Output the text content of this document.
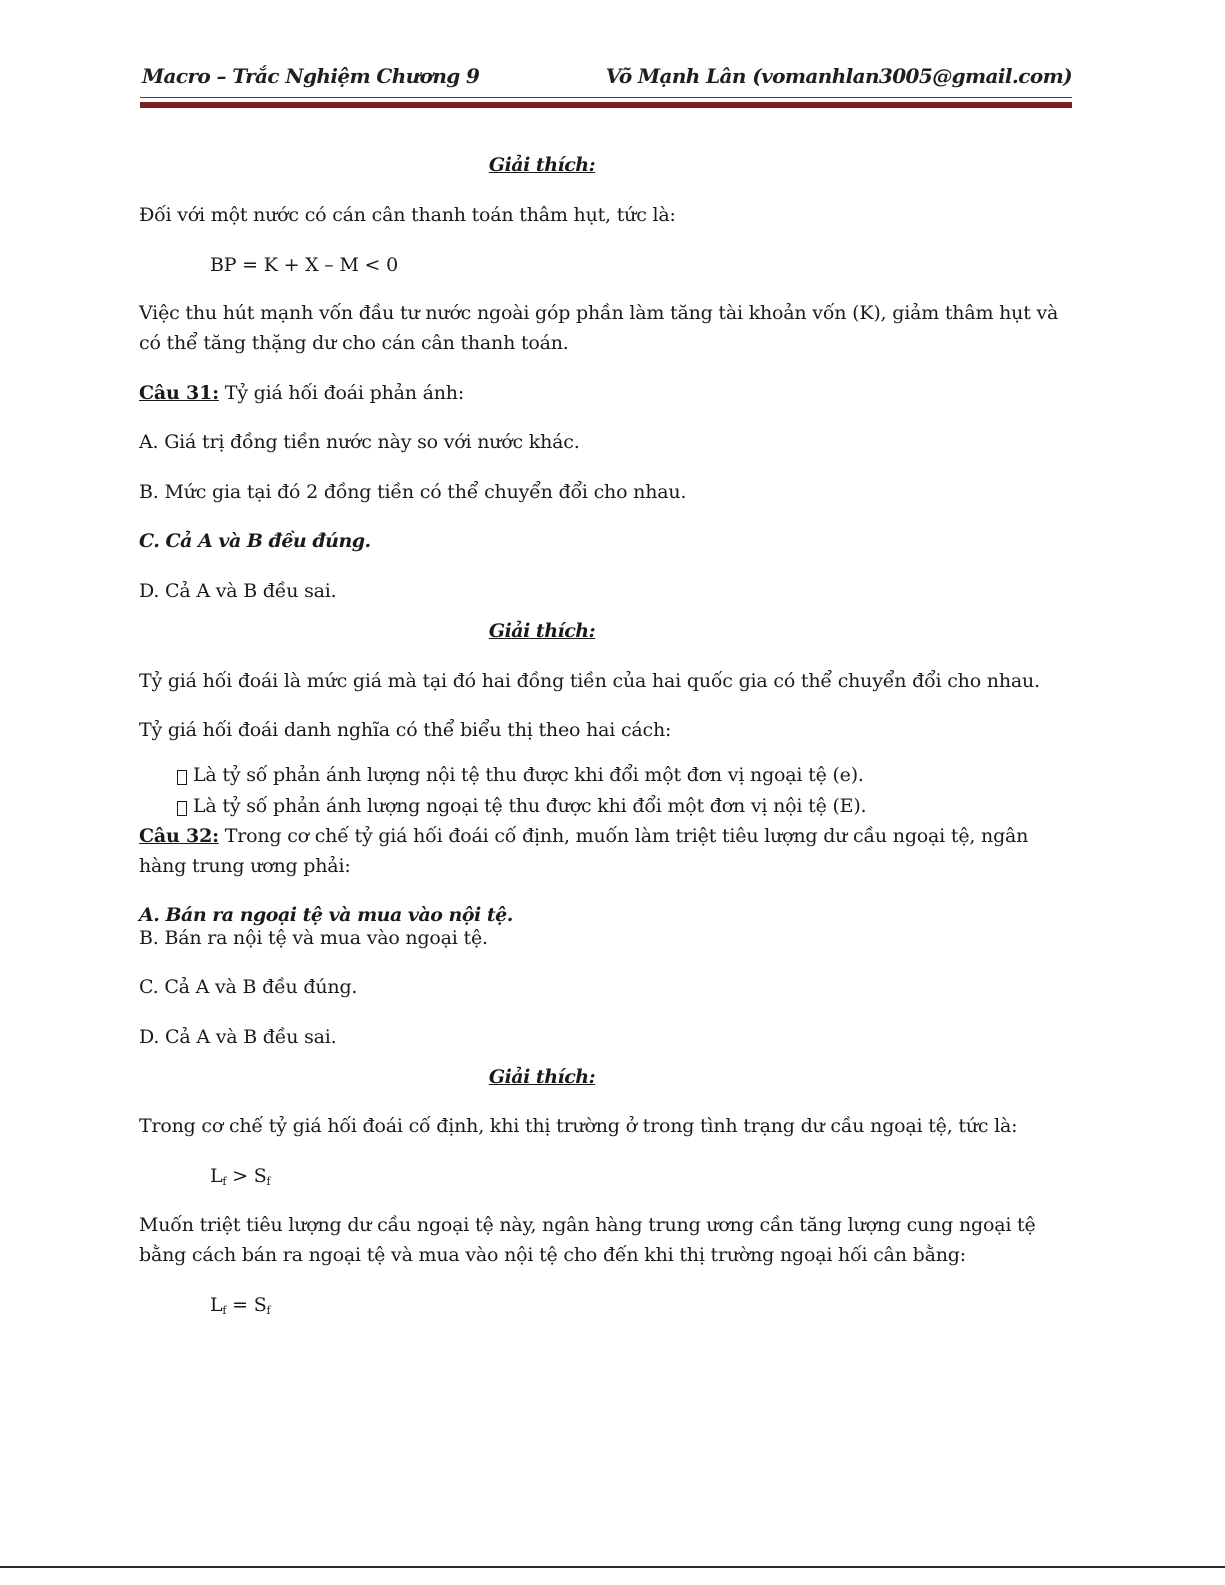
Macro – Trắc Nghiệm Chương 9	Võ Mạnh Lân (vomanhlan3005@gmail.com)
Giải thích:
Đối với một nước có cán cân thanh toán thâm hụt, tức là:
BP = K + X – M < 0
Việc thu hút mạnh vốn đầu tư nước ngoài góp phần làm tăng tài khoản vốn (K), giảm thâm hụt và có thể tăng thặng dư cho cán cân thanh toán.
Câu 31: Tỷ giá hối đoái phản ánh:
A. Giá trị đồng tiền nước này so với nước khác.
B. Mức gia tại đó 2 đồng tiền có thể chuyển đổi cho nhau.
C. Cả A và B đều đúng.
D. Cả A và B đều sai.
Giải thích:
Tỷ giá hối đoái là mức giá mà tại đó hai đồng tiền của hai quốc gia có thể chuyển đổi cho nhau.
Tỷ giá hối đoái danh nghĩa có thể biểu thị theo hai cách:
Là tỷ số phản ánh lượng nội tệ thu được khi đổi một đơn vị ngoại tệ (e).
Là tỷ số phản ánh lượng ngoại tệ thu được khi đổi một đơn vị nội tệ (E).
Câu 32: Trong cơ chế tỷ giá hối đoái cố định, muốn làm triệt tiêu lượng dư cầu ngoại tệ, ngân hàng trung ương phải:
A. Bán ra ngoại tệ và mua vào nội tệ.
B. Bán ra nội tệ và mua vào ngoại tệ.
C. Cả A và B đều đúng.
D. Cả A và B đều sai.
Giải thích:
Trong cơ chế tỷ giá hối đoái cố định, khi thị trường ở trong tình trạng dư cầu ngoại tệ, tức là:
$L_f > S_f$
Muốn triệt tiêu lượng dư cầu ngoại tệ này, ngân hàng trung ương cần tăng lượng cung ngoại tệ bằng cách bán ra ngoại tệ và mua vào nội tệ cho đến khi thị trường ngoại hối cân bằng:
$L_f = S_f$
